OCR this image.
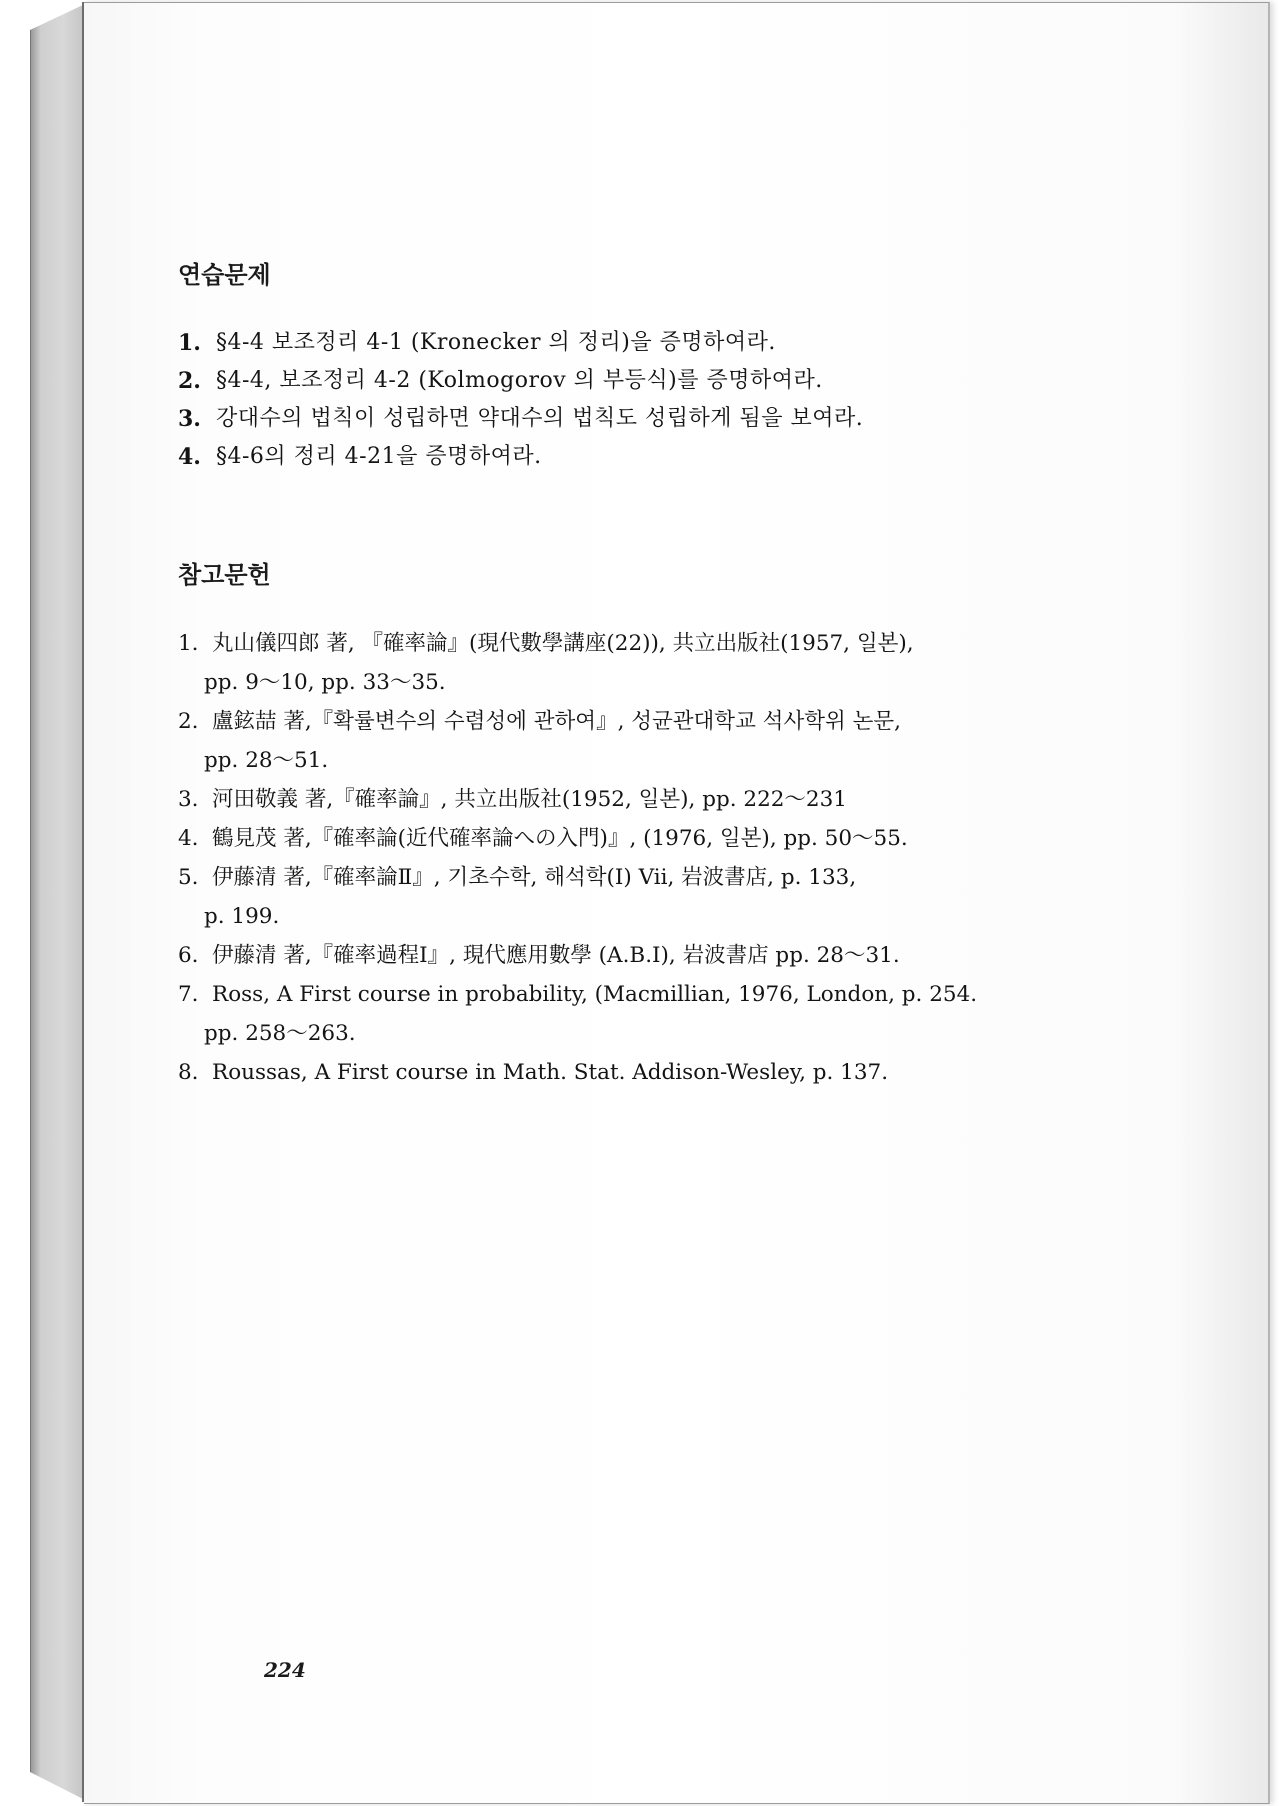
연습문제
1. §4-4 보조정리 4-1 (Kronecker 의 정리)을 증명하여라.
2. §4-4, 보조정리 4-2 (Kolmogorov 의 부등식)를 증명하여라.
3. 강대수의 법칙이 성립하면 약대수의 법칙도 성립하게 됨을 보여라.
4. §4-6의 정리 4-21을 증명하여라.
참고문헌
1. 丸山儀四郎 著, 『確率論』(現代數學講座(22)), 共立出版社(1957, 일본),
pp. 9～10, pp. 33～35.
2. 盧鉉喆 著,『확률변수의 수렴성에 관하여』, 성균관대학교 석사학위 논문,
pp. 28～51.
3. 河田敬義 著,『確率論』, 共立出版社(1952, 일본), pp. 222～231
4. 鶴見茂 著,『確率論(近代確率論への入門)』, (1976, 일본), pp. 50～55.
5. 伊藤清 著,『確率論Ⅱ』, 기초수학, 해석학(Ⅰ) Vii, 岩波書店, p. 133,
p. 199.
6. 伊藤清 著,『確率過程Ⅰ』, 現代應用數學 (A.B.I), 岩波書店 pp. 28～31.
7. Ross, A First course in probability, (Macmillian, 1976, London, p. 254.
pp. 258～263.
8. Roussas, A First course in Math. Stat. Addison-Wesley, p. 137.
224
